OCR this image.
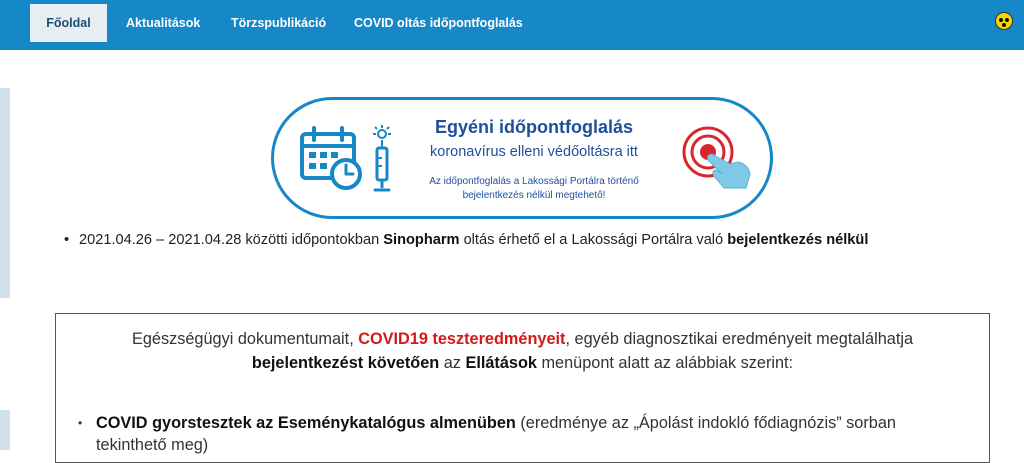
Főoldal	Aktualitások Törzspublikáció COVID oltás időpontfoglalás
Egyéni időpontfoglalás
koronavírus elleni védőoltásra itt
Az időpontfoglalás a Lakossági Portálra történő
bejelentkezés nélkül megtehető!
• 2021.04.26 – 2021.04.28 közötti időpontokban Sinopharm oltás érhető el a Lakossági Portálra való bejelentkezés nélkül
Egészségügyi dokumentumait, COVID19 teszteredményeit, egyéb diagnosztikai eredményeit megtalálhatja
bejelentkezést követően az Ellátások menüpont alatt az alábbiak szerint:
• COVID gyorstesztek az Eseménykatalógus almenüben (eredménye az „Ápolást indokló fődiagnózis” sorban tekinthető meg)
